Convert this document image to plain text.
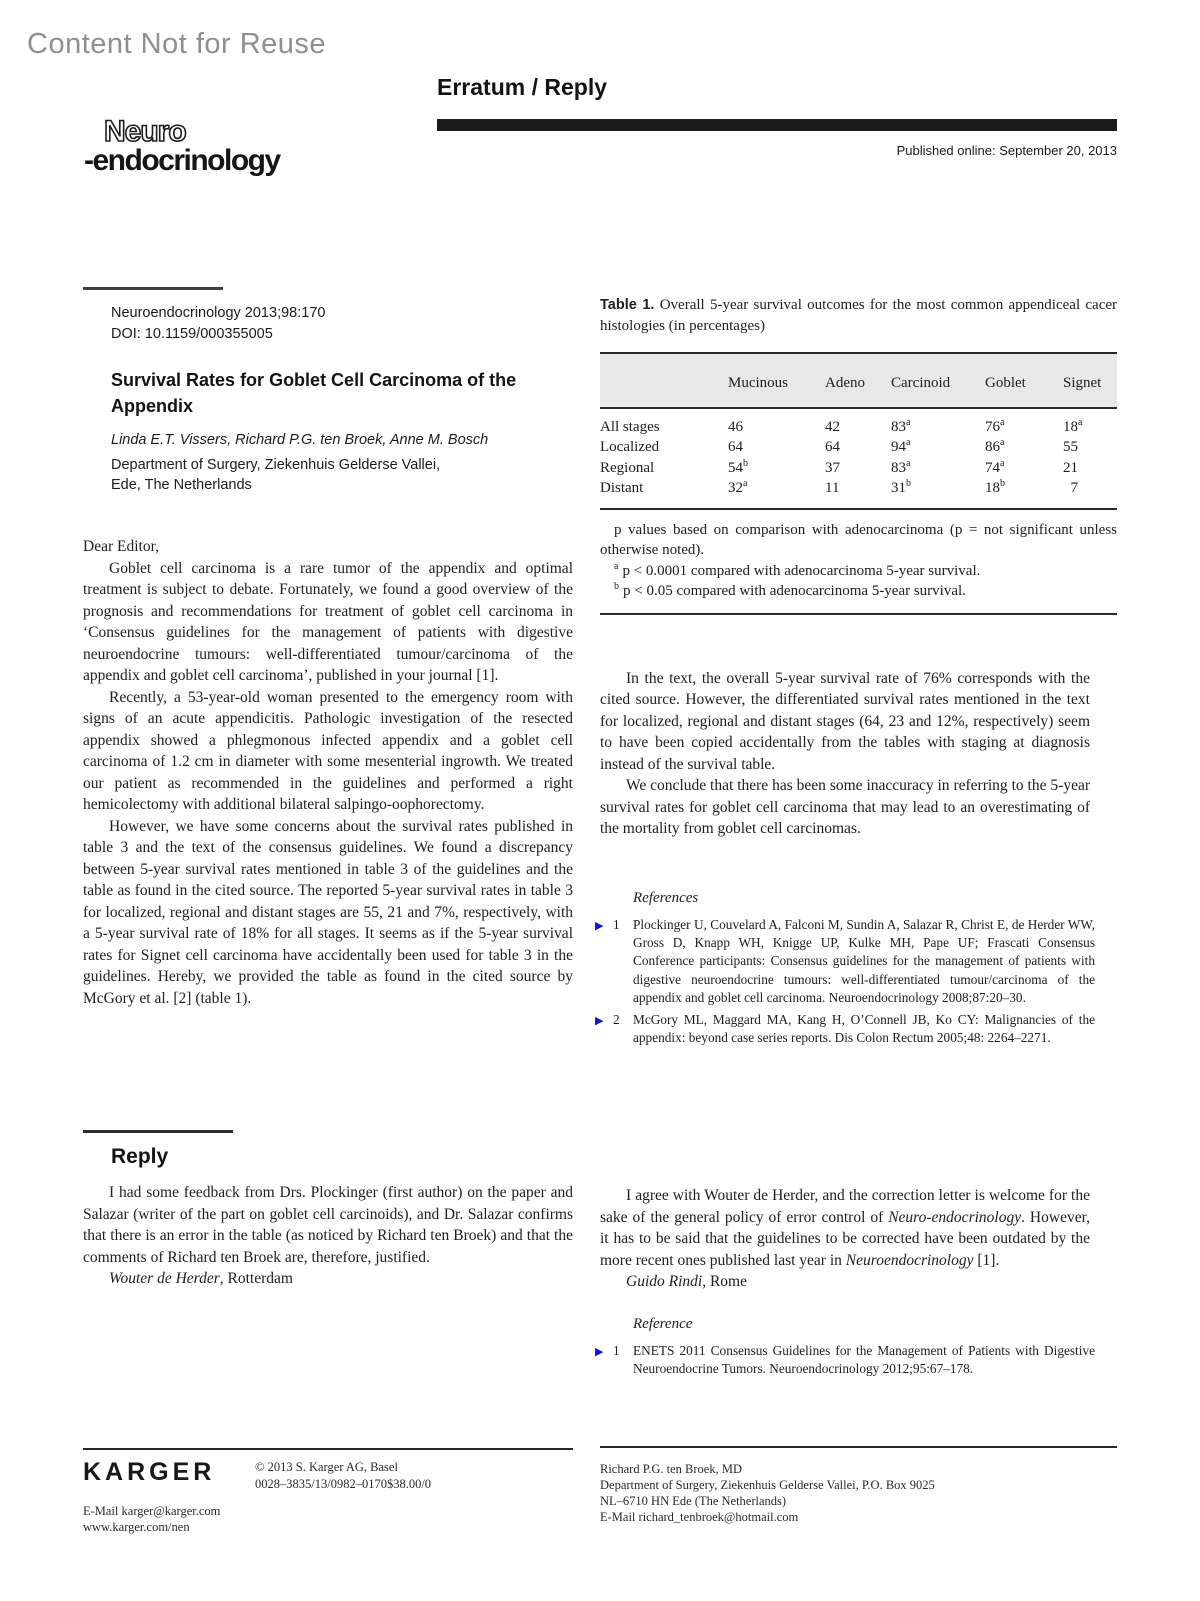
Content Not for Reuse
Erratum / Reply
Published online: September 20, 2013
Neuro
-endocrinology
Neuroendocrinology 2013;98:170
DOI: 10.1159/000355005
Survival Rates for Goblet Cell Carcinoma of the Appendix
Linda E.T. Vissers, Richard P.G. ten Broek, Anne M. Bosch
Department of Surgery, Ziekenhuis Gelderse Vallei,
Ede, The Netherlands
Dear Editor,
Goblet cell carcinoma is a rare tumor of the appendix and optimal treatment is subject to debate. Fortunately, we found a good overview of the prognosis and recommendations for treatment of goblet cell carcinoma in ‘Consensus guidelines for the management of patients with digestive neuroendocrine tumours: well-differentiated tumour/carcinoma of the appendix and goblet cell carcinoma’, published in your journal [1].
Recently, a 53-year-old woman presented to the emergency room with signs of an acute appendicitis. Pathologic investigation of the resected appendix showed a phlegmonous infected appendix and a goblet cell carcinoma of 1.2 cm in diameter with some mesenterial ingrowth. We treated our patient as recommended in the guidelines and performed a right hemicolectomy with additional bilateral salpingo-oophorectomy.
However, we have some concerns about the survival rates published in table 3 and the text of the consensus guidelines. We found a discrepancy between 5-year survival rates mentioned in table 3 of the guidelines and the table as found in the cited source. The reported 5-year survival rates in table 3 for localized, regional and distant stages are 55, 21 and 7%, respectively, with a 5-year survival rate of 18% for all stages. It seems as if the 5-year survival rates for Signet cell carcinoma have accidentally been used for table 3 in the guidelines. Hereby, we provided the table as found in the cited source by McGory et al. [2] (table 1).
Reply
I had some feedback from Drs. Plockinger (first author) on the paper and Salazar (writer of the part on goblet cell carcinoids), and Dr. Salazar confirms that there is an error in the table (as noticed by Richard ten Broek) and that the comments of Richard ten Broek are, therefore, justified.
Wouter de Herder, Rotterdam
Table 1. Overall 5-year survival outcomes for the most common appendiceal cacer histologies (in percentages)
	Mucinous	Adeno	Carcinoid	Goblet	Signet
All stages	46	42	83$^a$	76$^a$	18$^a$
Localized	64	64	94$^a$	86$^a$	55
Regional	54$^b$	37	83$^a$	74$^a$	21
Distant	32$^a$	11	31$^b$	18$^b$	 7
p values based on comparison with adenocarcinoma (p = not significant unless otherwise noted).
$^a$ p < 0.0001 compared with adenocarcinoma 5-year survival.
$^b$ p < 0.05 compared with adenocarcinoma 5-year survival.
In the text, the overall 5-year survival rate of 76% corresponds with the cited source. However, the differentiated survival rates mentioned in the text for localized, regional and distant stages (64, 23 and 12%, respectively) seem to have been copied accidentally from the tables with staging at diagnosis instead of the survival table.
We conclude that there has been some inaccuracy in referring to the 5-year survival rates for goblet cell carcinoma that may lead to an overestimating of the mortality from goblet cell carcinomas.
References
▶ 1 Plockinger U, Couvelard A, Falconi M, Sundin A, Salazar R, Christ E, de Herder WW, Gross D, Knapp WH, Knigge UP, Kulke MH, Pape UF; Frascati Consensus Conference participants: Consensus guidelines for the management of patients with digestive neuroendocrine tumours: well-differentiated tumour/carcinoma of the appendix and goblet cell carcinoma. Neuroendocrinology 2008;87:20–30.
▶ 2 McGory ML, Maggard MA, Kang H, O’Connell JB, Ko CY: Malignancies of the appendix: beyond case series reports. Dis Colon Rectum 2005;48: 2264–2271.
I agree with Wouter de Herder, and the correction letter is welcome for the sake of the general policy of error control of Neuro-endocrinology. However, it has to be said that the guidelines to be corrected have been outdated by the more recent ones published last year in Neuroendocrinology [1].
Guido Rindi, Rome
Reference
▶ 1 ENETS 2011 Consensus Guidelines for the Management of Patients with Digestive Neuroendocrine Tumors. Neuroendocrinology 2012;95:67–178.
KARGER	© 2013 S. Karger AG, Basel
0028–3835/13/0982–0170$38.00/0
E-Mail karger@karger.com
www.karger.com/nen
Richard P.G. ten Broek, MD
Department of Surgery, Ziekenhuis Gelderse Vallei, P.O. Box 9025
NL–6710 HN Ede (The Netherlands)
E-Mail richard_tenbroek@hotmail.com
